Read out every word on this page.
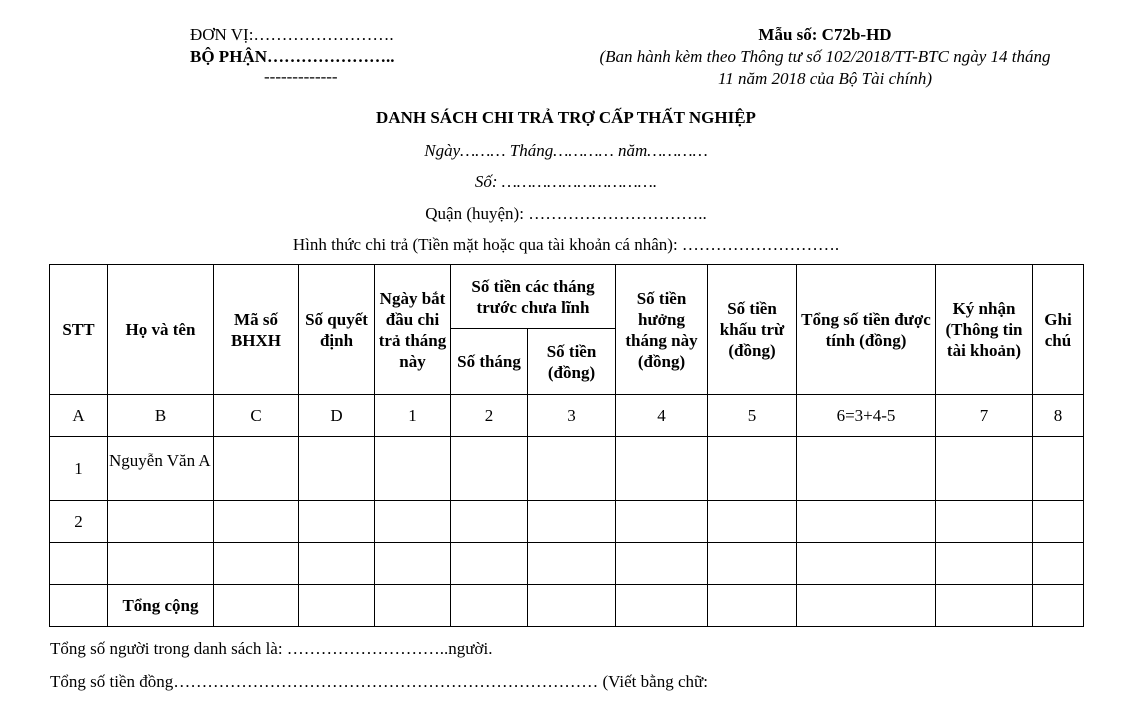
ĐƠN VỊ:…………………….
BỘ PHẬN…………………..
-------------
Mẫu số: C72b-HD
(Ban hành kèm theo Thông tư số 102/2018/TT-BTC ngày 14 tháng
11 năm 2018 của Bộ Tài chính)
DANH SÁCH CHI TRẢ TRỢ CẤP THẤT NGHIỆP
Ngày……… Tháng………… năm…………
Số: ………………………….
Quận (huyện): …………………………..
Hình thức chi trả (Tiền mặt hoặc qua tài khoản cá nhân): ……………………….
STT	Họ và tên	Mã số BHXH	Số quyết định	Ngày bắt đầu chi trả tháng này	Số tiền các tháng trước chưa lĩnh		Số tiền hưởng tháng này (đồng)	Số tiền khấu trừ (đồng)	Tổng số tiền được tính (đồng)	Ký nhận (Thông tin tài khoản)	Ghi chú
					Số tháng	Số tiền (đồng)					
A	B	C	D	1	2	3	4	5	6=3+4-5	7	8
1	Nguyễn Văn A										
2											

	Tổng cộng										
Tổng số người trong danh sách là: ………………………..người.
Tổng số tiền đồng………………………………………………………………… (Viết bằng chữ:
